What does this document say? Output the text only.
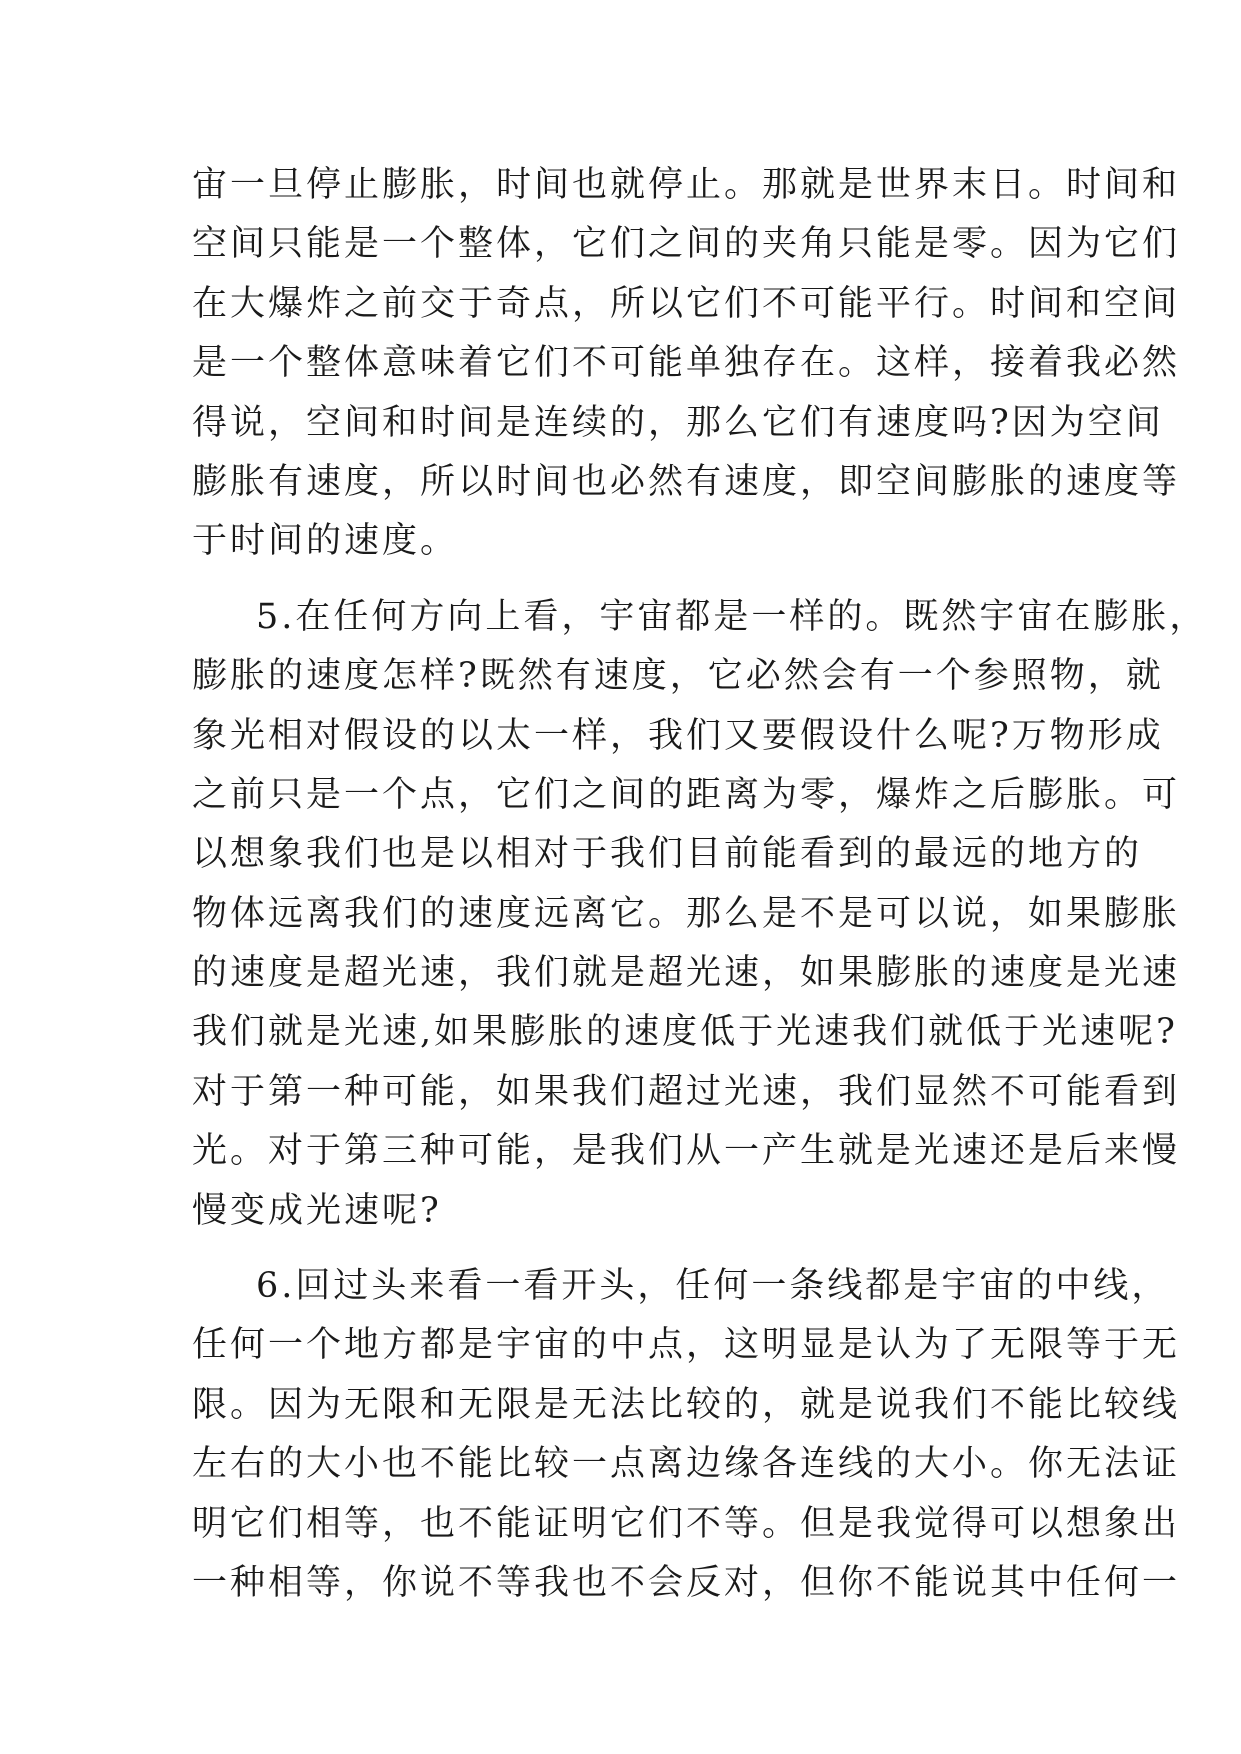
宙一旦停止膨胀，时间也就停止。那就是世界末日。时间和
空间只能是一个整体，它们之间的夹角只能是零。因为它们
在大爆炸之前交于奇点，所以它们不可能平行。时间和空间
是一个整体意味着它们不可能单独存在。这样，接着我必然
得说，空间和时间是连续的，那么它们有速度吗?因为空间
膨胀有速度，所以时间也必然有速度，即空间膨胀的速度等
于时间的速度。
5.在任何方向上看，宇宙都是一样的。既然宇宙在膨胀，
膨胀的速度怎样?既然有速度，它必然会有一个参照物，就
象光相对假设的以太一样，我们又要假设什么呢?万物形成
之前只是一个点，它们之间的距离为零，爆炸之后膨胀。可
以想象我们也是以相对于我们目前能看到的最远的地方的
物体远离我们的速度远离它。那么是不是可以说，如果膨胀
的速度是超光速，我们就是超光速，如果膨胀的速度是光速
我们就是光速,如果膨胀的速度低于光速我们就低于光速呢?
对于第一种可能，如果我们超过光速，我们显然不可能看到
光。对于第三种可能，是我们从一产生就是光速还是后来慢
慢变成光速呢?
6.回过头来看一看开头，任何一条线都是宇宙的中线，
任何一个地方都是宇宙的中点，这明显是认为了无限等于无
限。因为无限和无限是无法比较的，就是说我们不能比较线
左右的大小也不能比较一点离边缘各连线的大小。你无法证
明它们相等，也不能证明它们不等。但是我觉得可以想象出
一种相等，你说不等我也不会反对，但你不能说其中任何一
